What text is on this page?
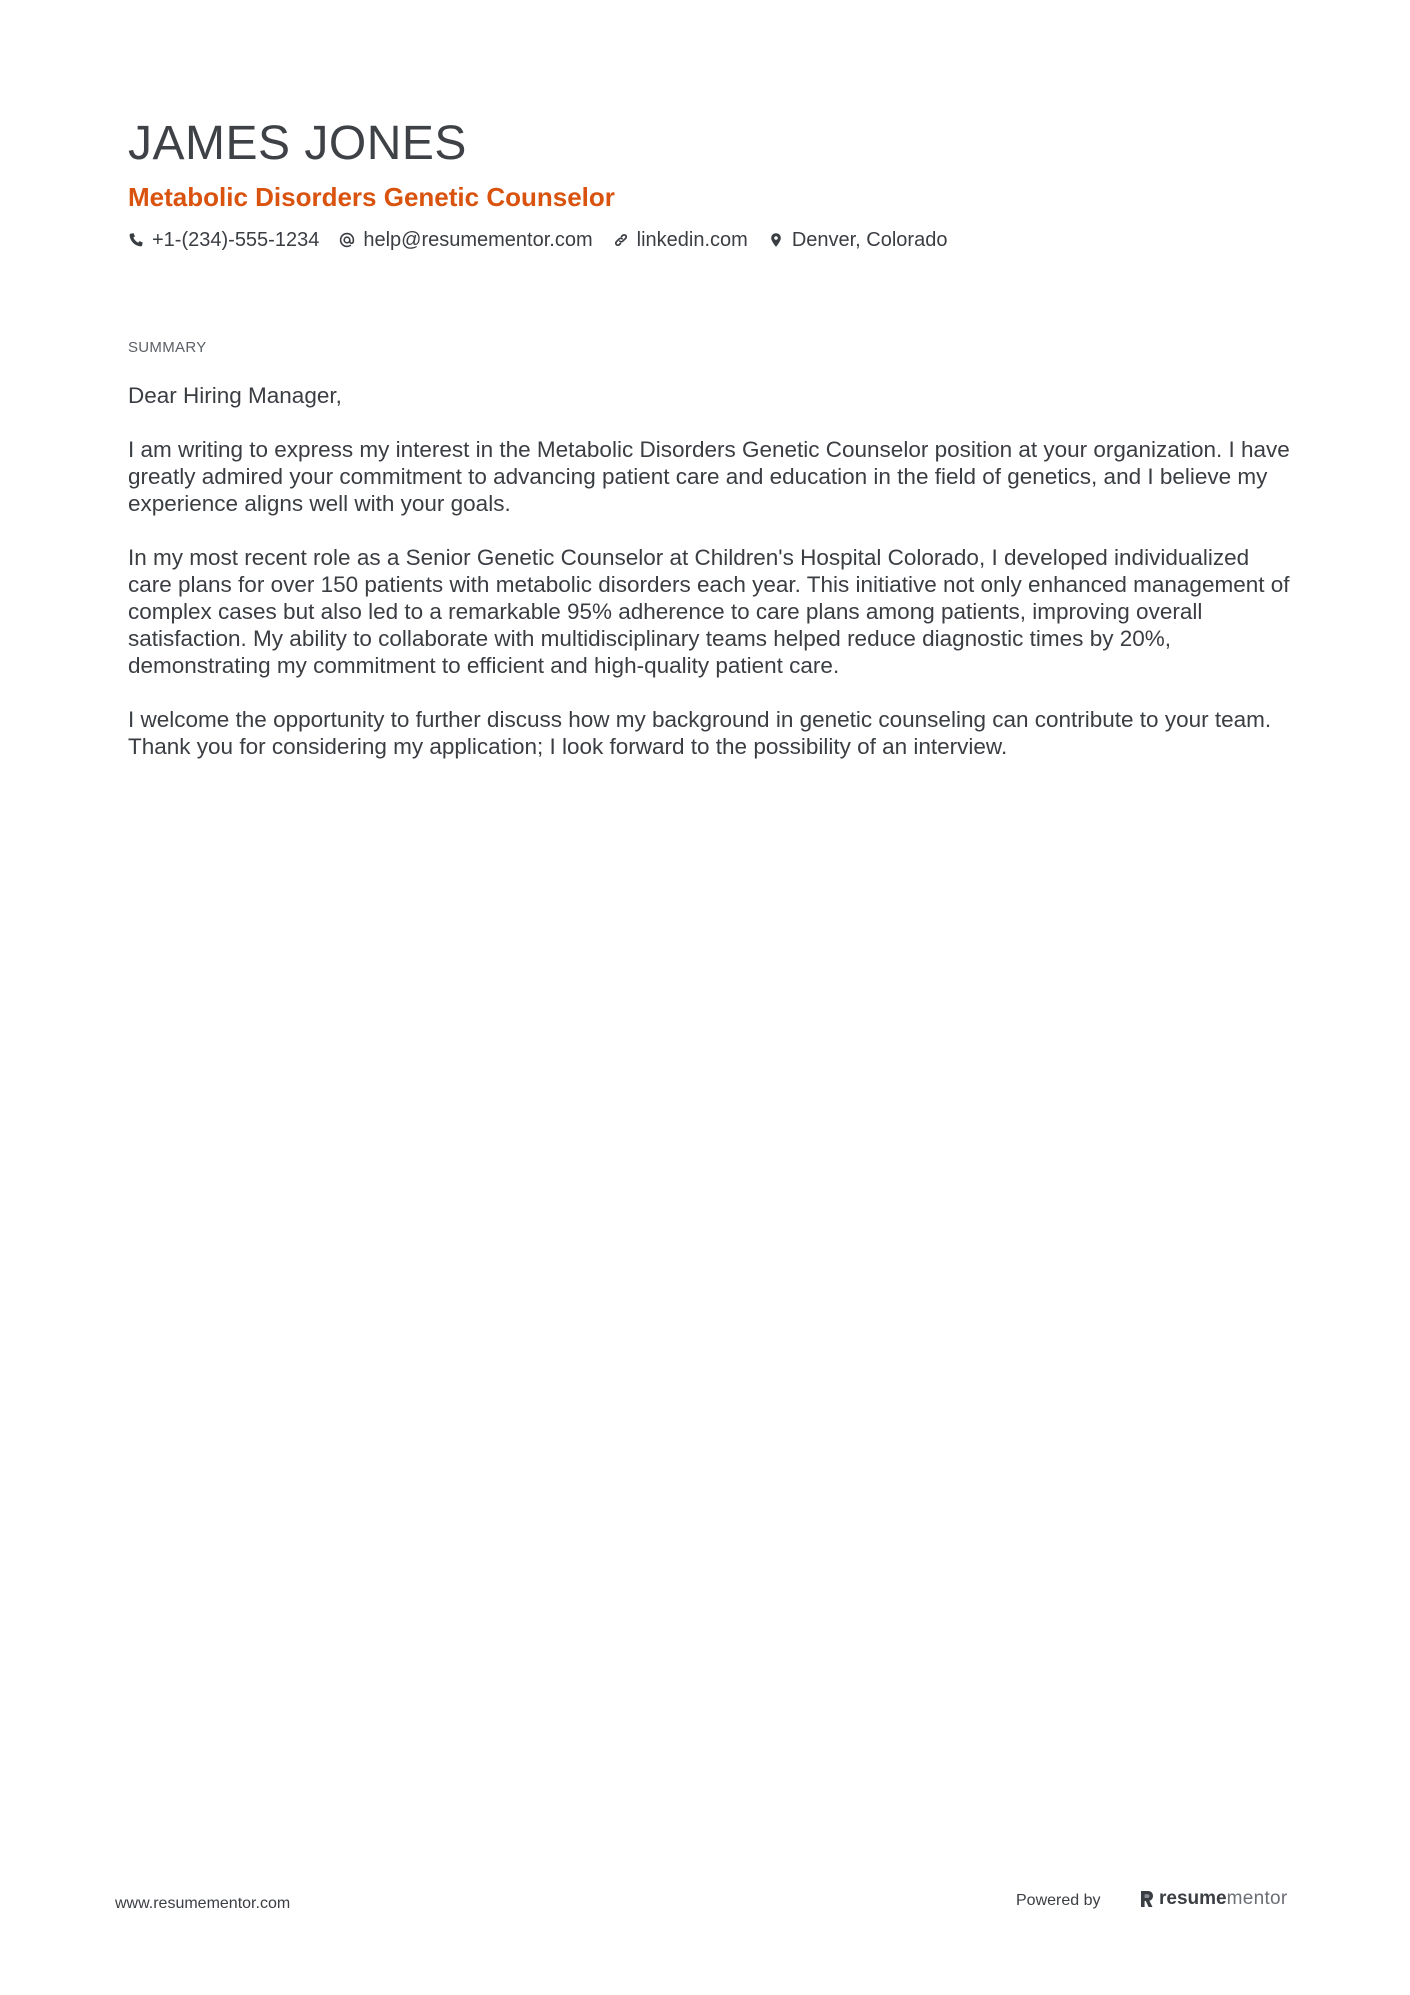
JAMES JONES
Metabolic Disorders Genetic Counselor
+1-(234)-555-1234 help@resumementor.com linkedin.com Denver, Colorado
SUMMARY

Dear Hiring Manager,

I am writing to express my interest in the Metabolic Disorders Genetic Counselor position at your organization. I have greatly admired your commitment to advancing patient care and education in the field of genetics, and I believe my experience aligns well with your goals.

In my most recent role as a Senior Genetic Counselor at Children's Hospital Colorado, I developed individualized care plans for over 150 patients with metabolic disorders each year. This initiative not only enhanced management of complex cases but also led to a remarkable 95% adherence to care plans among patients, improving overall satisfaction. My ability to collaborate with multidisciplinary teams helped reduce diagnostic times by 20%, demonstrating my commitment to efficient and high-quality patient care.

I welcome the opportunity to further discuss how my background in genetic counseling can contribute to your team. Thank you for considering my application; I look forward to the possibility of an interview.

www.resumementor.com	Powered by	resume mentor
